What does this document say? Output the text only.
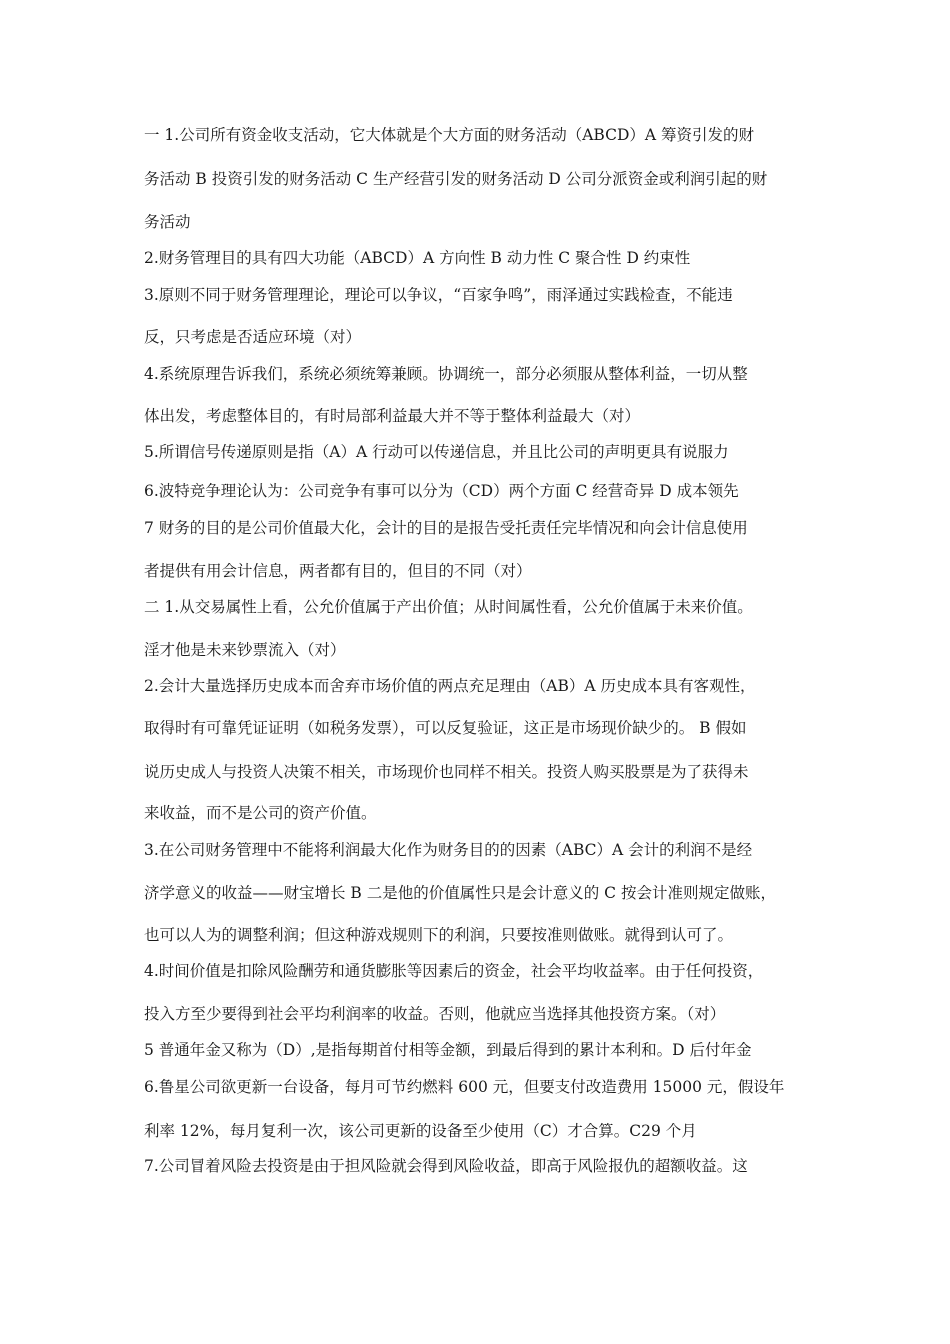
一 1.公司所有资金收支活动，它大体就是个大方面的财务活动（ABCD）A 筹资引发的财
务活动 B 投资引发的财务活动 C 生产经营引发的财务活动 D 公司分派资金或利润引起的财
务活动
2.财务管理目的具有四大功能（ABCD）A 方向性 B 动力性 C 聚合性 D 约束性
3.原则不同于财务管理理论，理论可以争议，“百家争鸣”，雨泽通过实践检查，不能违
反，只考虑是否适应环境（对）
4.系统原理告诉我们，系统必须统筹兼顾。协调统一，部分必须服从整体利益，一切从整
体出发，考虑整体目的，有时局部利益最大并不等于整体利益最大（对）
5.所谓信号传递原则是指（A）A 行动可以传递信息，并且比公司的声明更具有说服力
6.波特竞争理论认为：公司竞争有事可以分为（CD）两个方面 C 经营奇异 D 成本领先
7 财务的目的是公司价值最大化，会计的目的是报告受托责任完毕情况和向会计信息使用
者提供有用会计信息，两者都有目的，但目的不同（对）
二 1.从交易属性上看，公允价值属于产出价值；从时间属性看，公允价值属于未来价值。
淫才他是未来钞票流入（对）
2.会计大量选择历史成本而舍弃市场价值的两点充足理由（AB）A 历史成本具有客观性，
取得时有可靠凭证证明（如税务发票），可以反复验证，这正是市场现价缺少的。 B 假如
说历史成人与投资人决策不相关，市场现价也同样不相关。投资人购买股票是为了获得未
来收益，而不是公司的资产价值。
3.在公司财务管理中不能将利润最大化作为财务目的的因素（ABC）A 会计的利润不是经
济学意义的收益——财宝增长 B 二是他的价值属性只是会计意义的 C 按会计准则规定做账，
也可以人为的调整利润；但这种游戏规则下的利润，只要按准则做账。就得到认可了。
4.时间价值是扣除风险酬劳和通货膨胀等因素后的资金，社会平均收益率。由于任何投资，
投入方至少要得到社会平均利润率的收益。否则，他就应当选择其他投资方案。（对）
5 普通年金又称为（D）,是指每期首付相等金额，到最后得到的累计本利和。D 后付年金
6.鲁星公司欲更新一台设备，每月可节约燃料 600 元，但要支付改造费用 15000 元，假设年
利率 12%，每月复利一次，该公司更新的设备至少使用（C）才合算。C29 个月
7.公司冒着风险去投资是由于担风险就会得到风险收益，即高于风险报仇的超额收益。这
